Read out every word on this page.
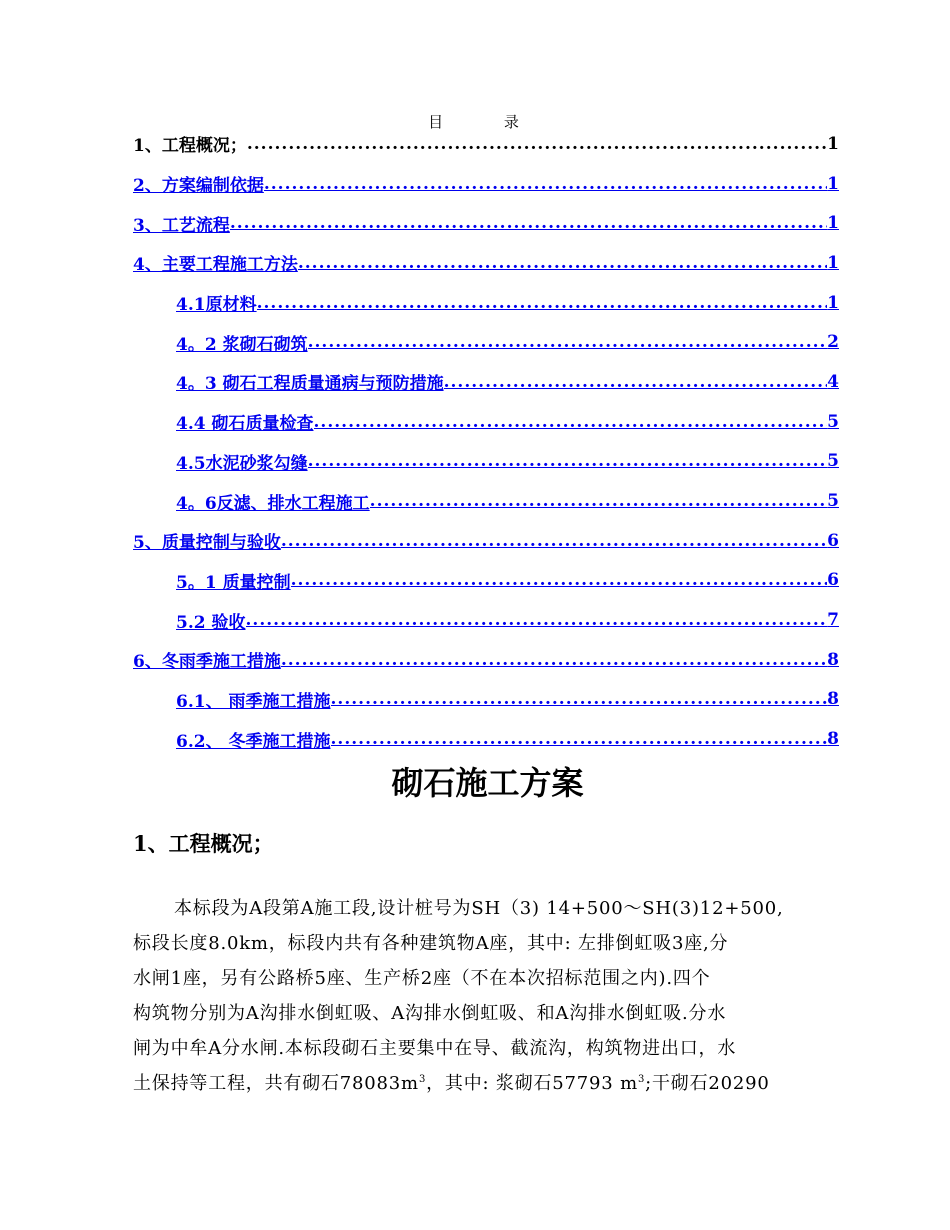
目 录
1、工程概况； .....	1
2、方案编制依据 .....	1
3、工艺流程 .....	1
4、主要工程施工方法 .....	1
4.1原材料 .....	1
4。2 浆砌石砌筑 .....	2
4。3 砌石工程质量通病与预防措施 .....	4
4.4 砌石质量检查 .....	5
4.5水泥砂浆勾缝 .....	5
4。6反滤、排水工程施工 .....	5
5、质量控制与验收 .....	6
5。1 质量控制 .....	6
5.2 验收 .....	7
6、冬雨季施工措施 .....	8
6.1、 雨季施工措施 .....	8
6.2、 冬季施工措施 .....	8
砌石施工方案
1、工程概况；

本标段为A段第A施工段,设计桩号为SH（3) 14+500～SH(3)12+500,
标段长度8.0km，标段内共有各种建筑物A座，其中: 左排倒虹吸3座,分
水闸1座，另有公路桥5座、生产桥2座（不在本次招标范围之内).四个
构筑物分别为A沟排水倒虹吸、A沟排水倒虹吸、和A沟排水倒虹吸.分水
闸为中牟A分水闸.本标段砌石主要集中在导、截流沟，构筑物进出口，水
土保持等工程，共有砌石$78083m^3$，其中: 浆砌石57793 $m^3$;干砌石20290
